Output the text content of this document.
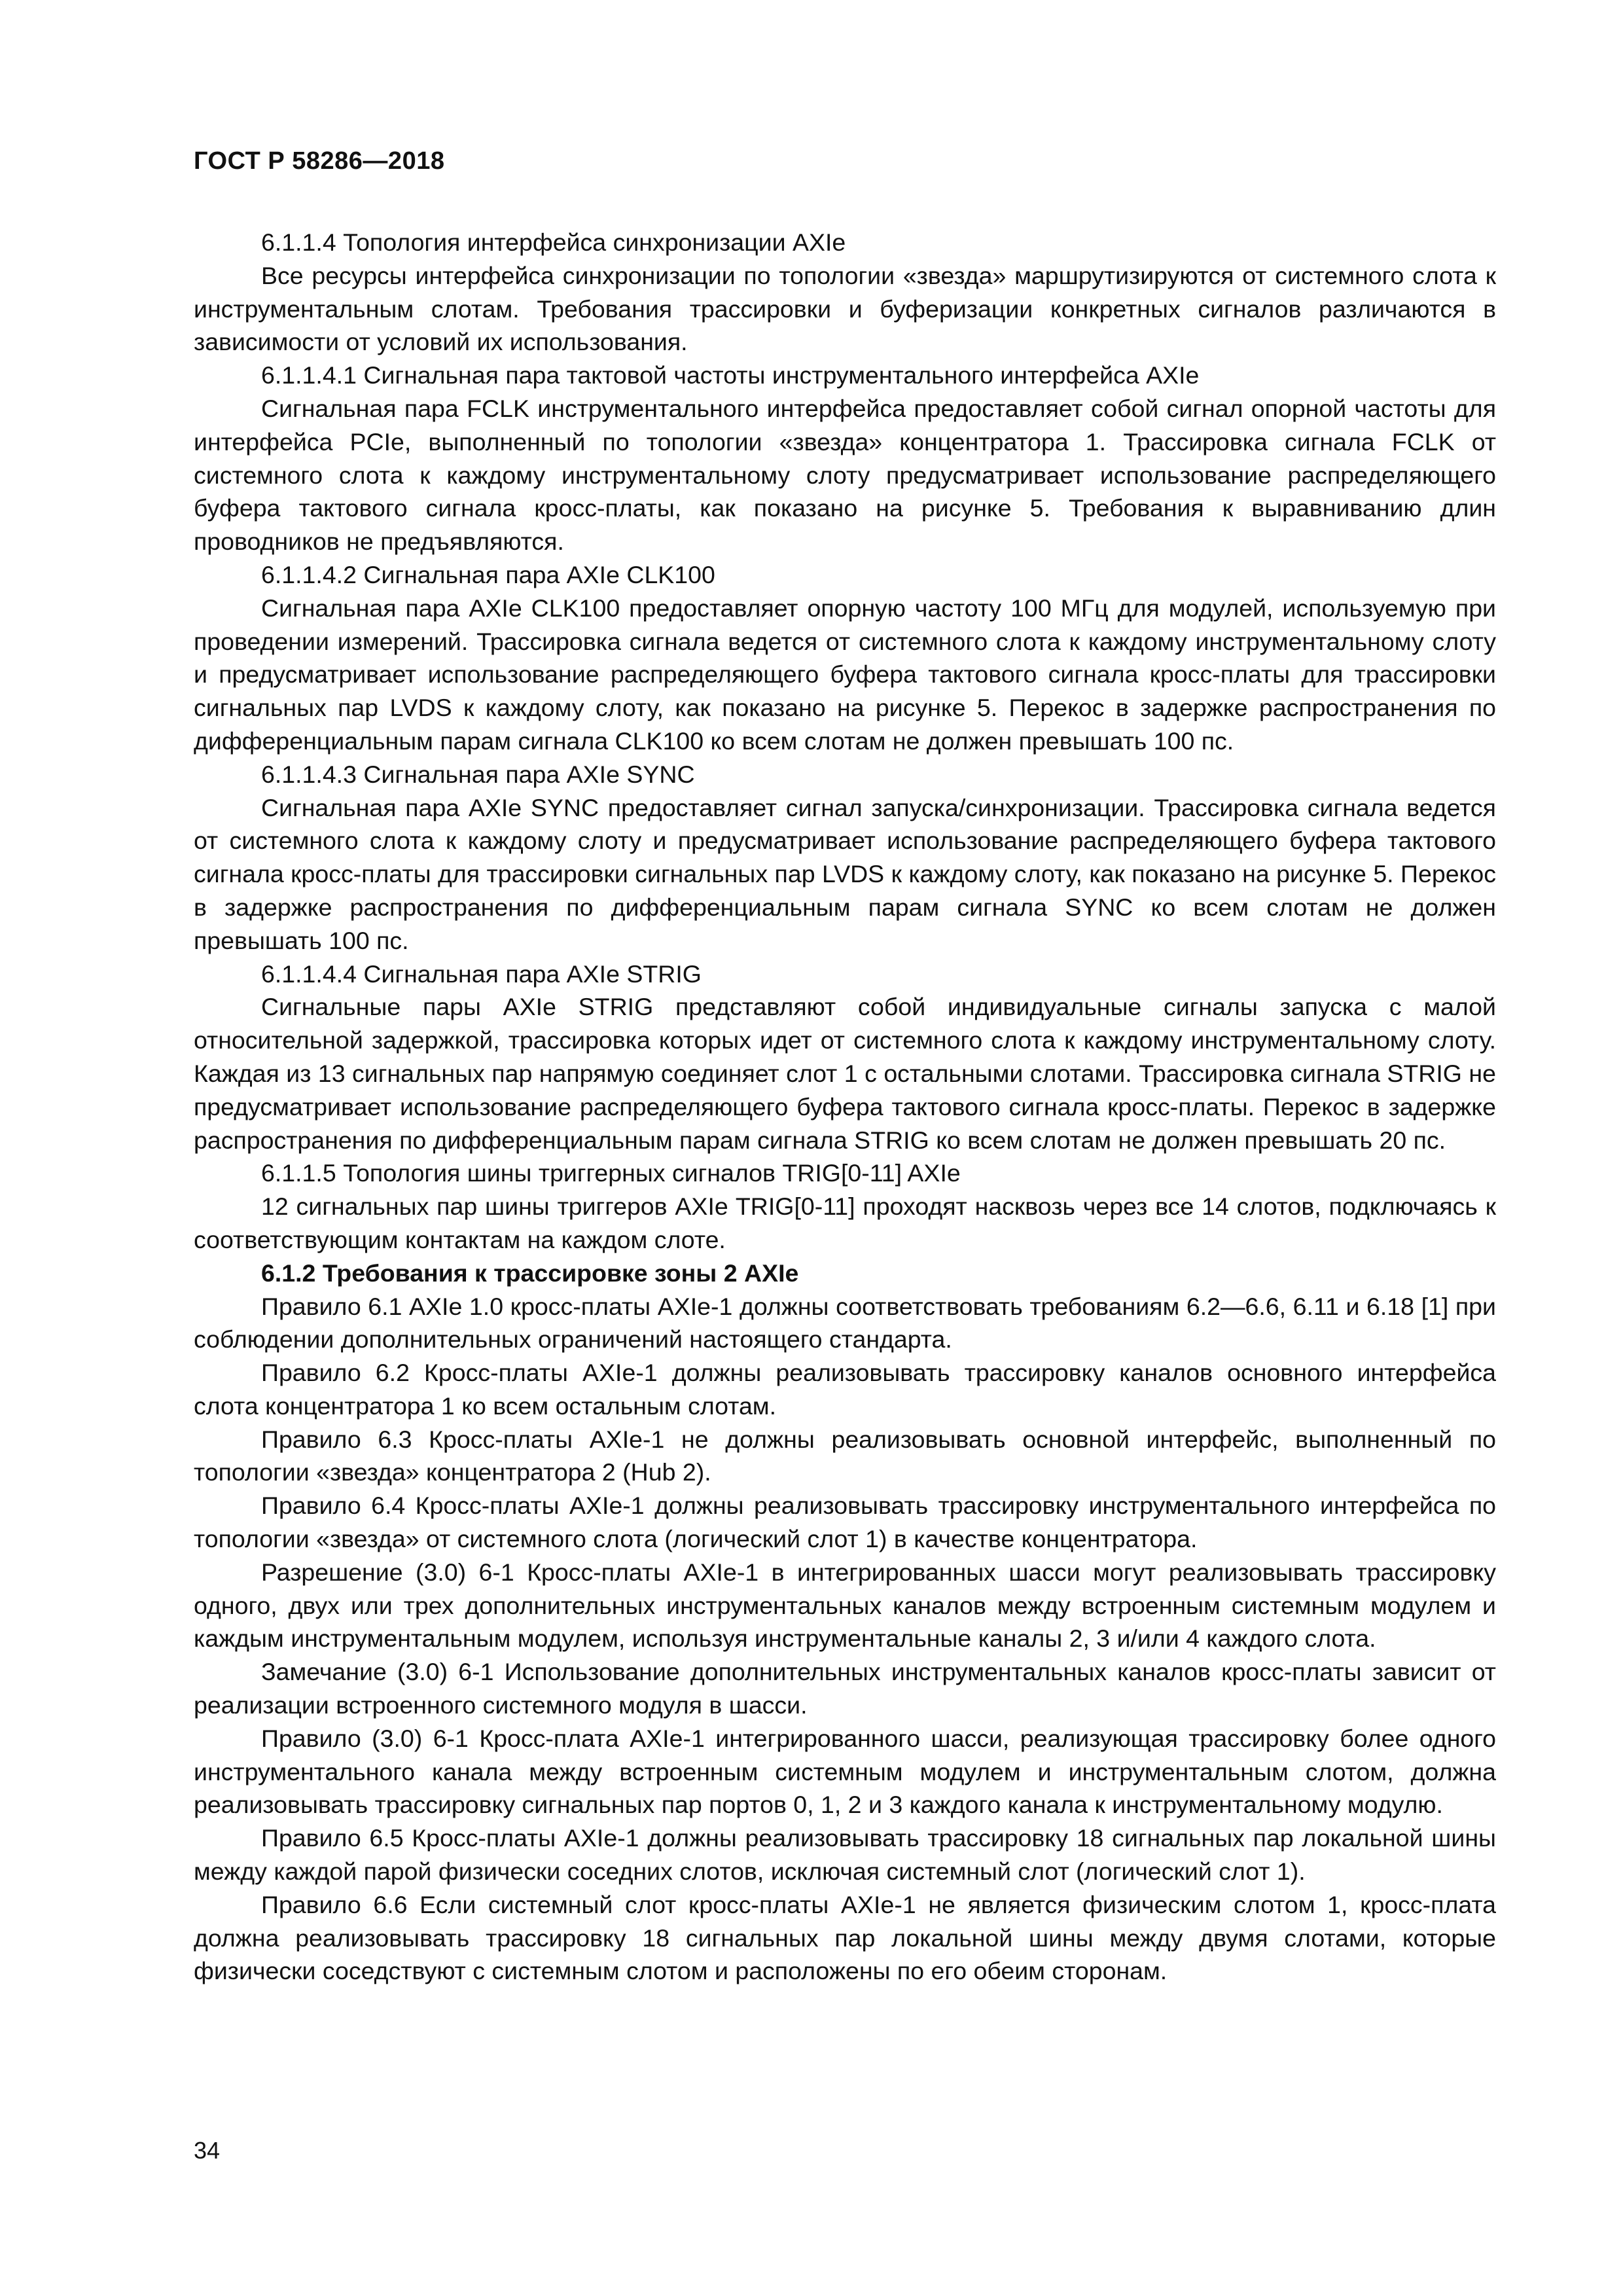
ГОСТ Р 58286—2018

6.1.1.4 Топология интерфейса синхронизации AXIe

Все ресурсы интерфейса синхронизации по топологии «звезда» маршрутизируются от системного слота к инструментальным слотам. Требования трассировки и буферизации конкретных сигналов различаются в зависимости от условий их использования.

6.1.1.4.1 Сигнальная пара тактовой частоты инструментального интерфейса AXIe

Сигнальная пара FCLK инструментального интерфейса предоставляет собой сигнал опорной частоты для интерфейса PCIe, выполненный по топологии «звезда» концентратора 1. Трассировка сигнала FCLK от системного слота к каждому инструментальному слоту предусматривает использование распределяющего буфера тактового сигнала кросс-платы, как показано на рисунке 5. Требования к выравниванию длин проводников не предъявляются.

6.1.1.4.2 Сигнальная пара AXIe CLK100

Сигнальная пара AXIe CLK100 предоставляет опорную частоту 100 МГц для модулей, используемую при проведении измерений. Трассировка сигнала ведется от системного слота к каждому инструментальному слоту и предусматривает использование распределяющего буфера тактового сигнала кросс-платы для трассировки сигнальных пар LVDS к каждому слоту, как показано на рисунке 5. Перекос в задержке распространения по дифференциальным парам сигнала CLK100 ко всем слотам не должен превышать 100 пс.

6.1.1.4.3 Сигнальная пара AXIe SYNC

Сигнальная пара AXIe SYNC предоставляет сигнал запуска/синхронизации. Трассировка сигнала ведется от системного слота к каждому слоту и предусматривает использование распределяющего буфера тактового сигнала кросс-платы для трассировки сигнальных пар LVDS к каждому слоту, как показано на рисунке 5. Перекос в задержке распространения по дифференциальным парам сигнала SYNC ко всем слотам не должен превышать 100 пс.

6.1.1.4.4 Сигнальная пара AXIe STRIG

Сигнальные пары AXIe STRIG представляют собой индивидуальные сигналы запуска с малой относительной задержкой, трассировка которых идет от системного слота к каждому инструментальному слоту. Каждая из 13 сигнальных пар напрямую соединяет слот 1 с остальными слотами. Трассировка сигнала STRIG не предусматривает использование распределяющего буфера тактового сигнала кросс-платы. Перекос в задержке распространения по дифференциальным парам сигнала STRIG ко всем слотам не должен превышать 20 пс.

6.1.1.5 Топология шины триггерных сигналов TRIG[0-11] AXIe

12 сигнальных пар шины триггеров AXIe TRIG[0-11] проходят насквозь через все 14 слотов, подключаясь к соответствующим контактам на каждом слоте.

6.1.2 Требования к трассировке зоны 2 AXIe

Правило 6.1 AXIe 1.0 кросс-платы AXIe-1 должны соответствовать требованиям 6.2—6.6, 6.11 и 6.18 [1] при соблюдении дополнительных ограничений настоящего стандарта.

Правило 6.2 Кросс-платы AXIe-1 должны реализовывать трассировку каналов основного интерфейса слота концентратора 1 ко всем остальным слотам.

Правило 6.3 Кросс-платы AXIe-1 не должны реализовывать основной интерфейс, выполненный по топологии «звезда» концентратора 2 (Hub 2).

Правило 6.4 Кросс-платы AXIe-1 должны реализовывать трассировку инструментального интерфейса по топологии «звезда» от системного слота (логический слот 1) в качестве концентратора.

Разрешение (3.0) 6-1 Кросс-платы AXIe-1 в интегрированных шасси могут реализовывать трассировку одного, двух или трех дополнительных инструментальных каналов между встроенным системным модулем и каждым инструментальным модулем, используя инструментальные каналы 2, 3 и/или 4 каждого слота.

Замечание (3.0) 6-1 Использование дополнительных инструментальных каналов кросс-платы зависит от реализации встроенного системного модуля в шасси.

Правило (3.0) 6-1 Кросс-плата AXIe-1 интегрированного шасси, реализующая трассировку более одного инструментального канала между встроенным системным модулем и инструментальным слотом, должна реализовывать трассировку сигнальных пар портов 0, 1, 2 и 3 каждого канала к инструментальному модулю.

Правило 6.5 Кросс-платы AXIe-1 должны реализовывать трассировку 18 сигнальных пар локальной шины между каждой парой физически соседних слотов, исключая системный слот (логический слот 1).

Правило 6.6 Если системный слот кросс-платы AXIe-1 не является физическим слотом 1, кросс-плата должна реализовывать трассировку 18 сигнальных пар локальной шины между двумя слотами, которые физически соседствуют с системным слотом и расположены по его обеим сторонам.

34
